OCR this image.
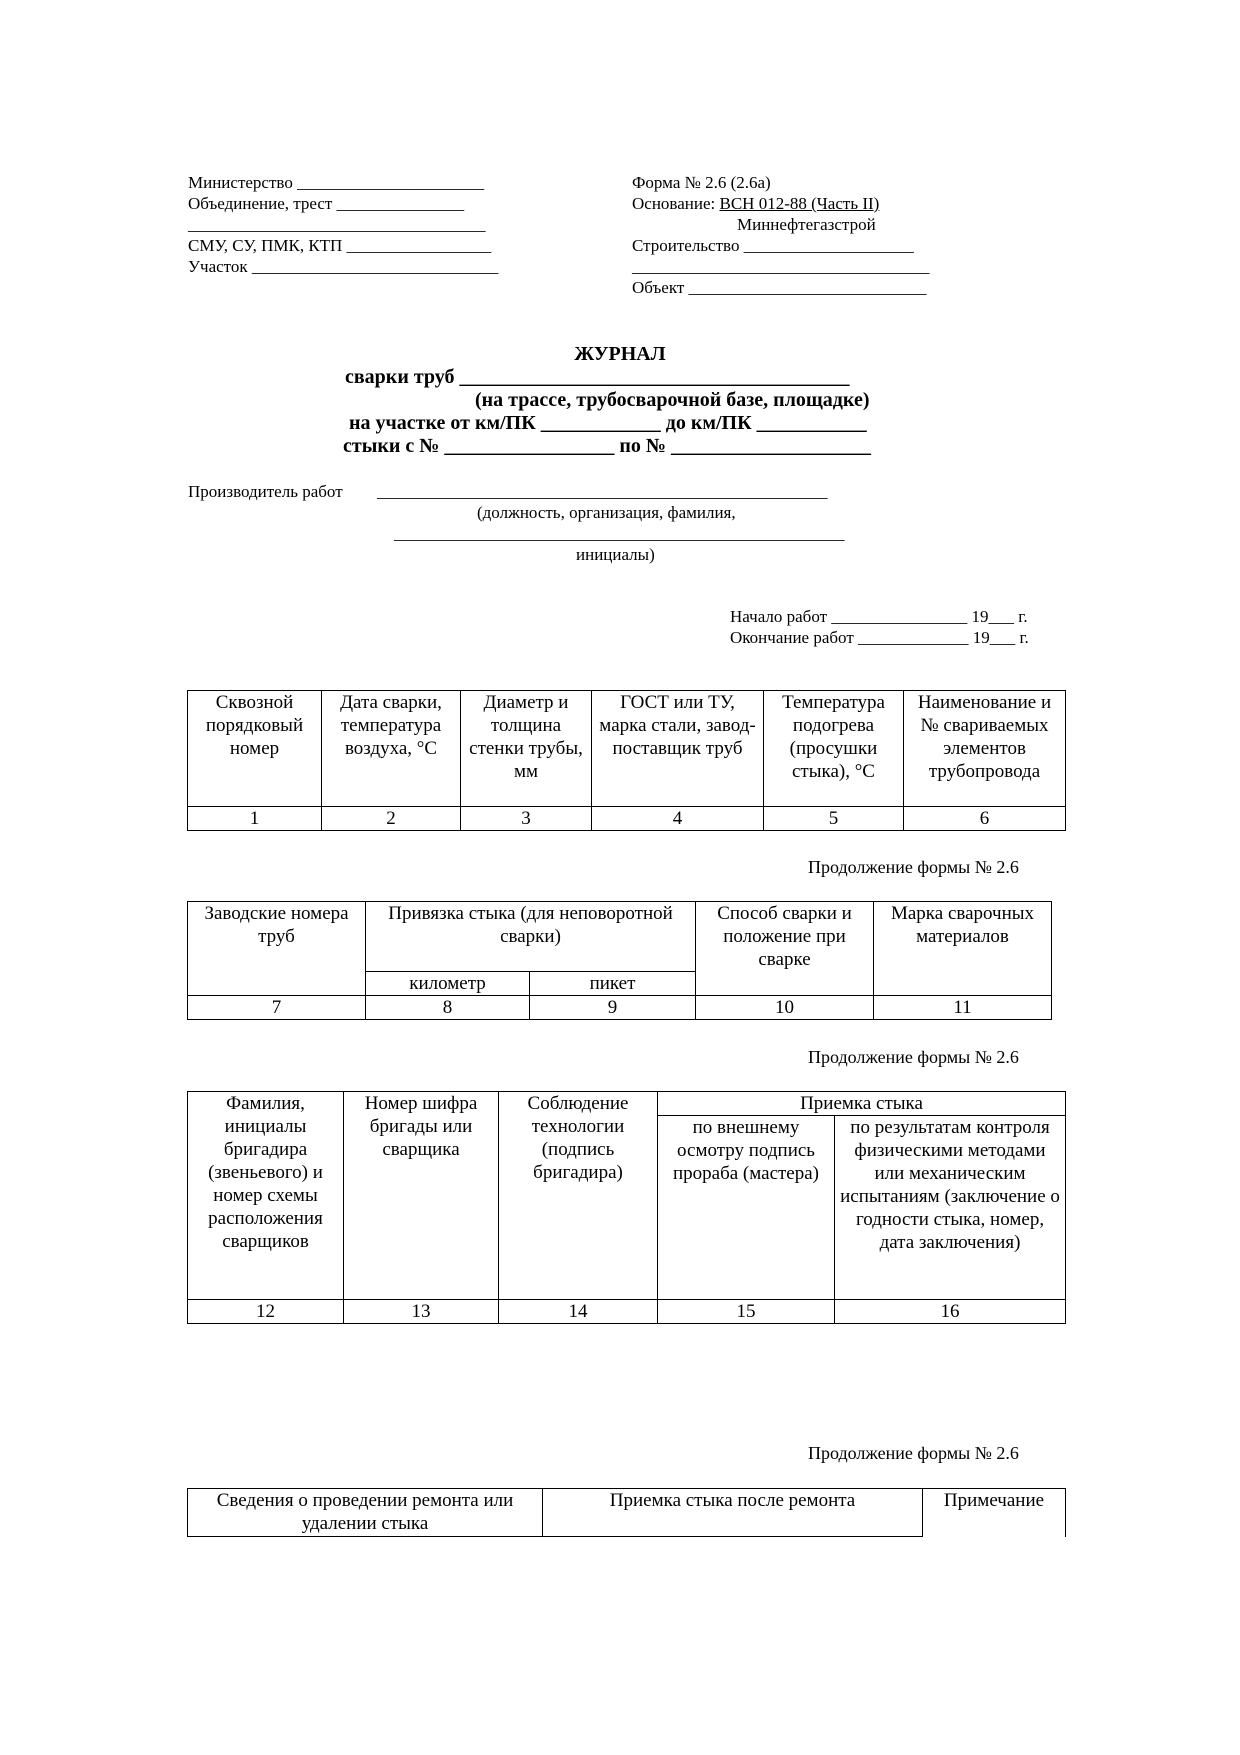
Министерство ______________________
Объединение, трест _______________
___________________________________
СМУ, СУ, ПМК, КТП _________________
Участок _____________________________
Форма № 2.6 (2.6а)
Основание: ВСН 012-88 (Часть II)
Миннефтегазстрой
Строительство ____________________
___________________________________
Объект ____________________________
ЖУРНАЛ
сварки труб _______________________________________
(на трассе, трубосварочной базе, площадке)
на участке от км/ПК ____________ до км/ПК ___________
стыки с № _________________ по № ____________________
Производитель работ _____________________________________________________
(должность, организация, фамилия,
_____________________________________________________
инициалы)
Начало работ ________________ 19___ г.
Окончание работ _____________ 19___ г.
Сквозной порядковый номер	Дата сварки, температура воздуха, °С	Диаметр и толщина стенки трубы, мм	ГОСТ или ТУ, марка стали, завод-поставщик труб	Температура подогрева (просушки стыка), °С	Наименование и № свариваемых элементов трубопровода
1	2	3	4	5	6
Продолжение формы № 2.6
Заводские номера труб	Привязка стыка (для неповоротной сварки)		Способ сварки и положение при сварке	Марка сварочных материалов
	километр	пикет		
7	8	9	10	11
Продолжение формы № 2.6
Фамилия, инициалы бригадира (звеньевого) и номер схемы расположения сварщиков	Номер шифра бригады или сварщика	Соблюдение технологии (подпись бригадира)	Приемка стыка	
			по внешнему осмотру подпись прораба (мастера)	по результатам контроля физическими методами или механическим испытаниям (заключение о годности стыка, номер, дата заключения)
12	13	14	15	16
Продолжение формы № 2.6
Сведения о проведении ремонта или удалении стыка	Приемка стыка после ремонта	Примечание
